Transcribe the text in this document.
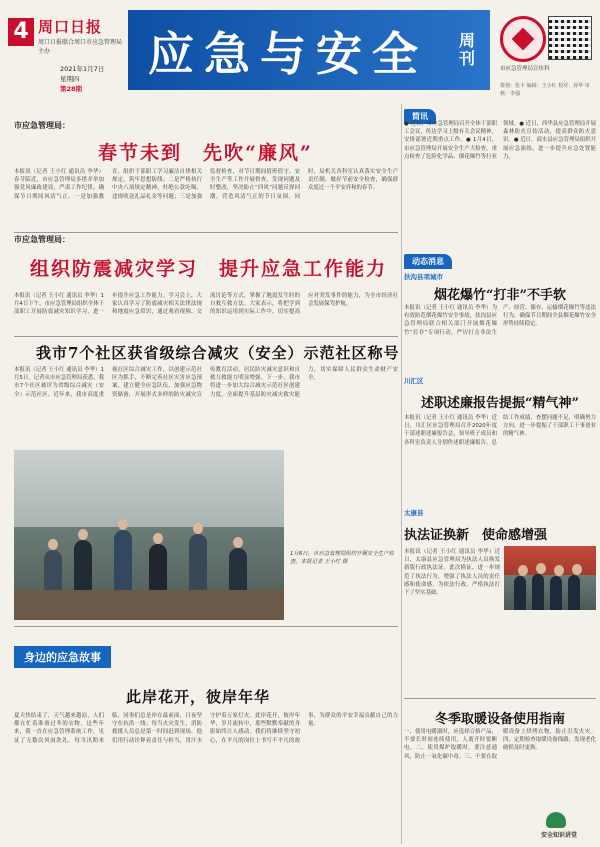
4 周口日报
周口日报联合周口市应急管理局
主办
2021年1月7日
星期四
第28期
应急与安全 周刊
市应急管理局宣传科
策划：张丰 编辑：王小红 校对：孙华 审核：李强
市应急管理局：
春节未到　先吹“廉风”
本报讯（记者 王小红 通讯员 李华）春节临近，市应急管理局多措并举加强党风廉政建设，严肃工作纪律，确保节日期间风清气正。一是加强教育，组织干部职工学习廉洁自律相关规定，筑牢思想防线；二是严格执行中央八项规定精神，杜绝公款吃喝、违规收送礼品礼金等问题；三是加强监督检查，对节日期间值班值守、安全生产等工作开展督查，发现问题及时整改，坚决防止“四风”问题反弹回潮，营造风清气正的节日氛围。同时，局机关各科室认真落实安全生产责任制，做好节前安全检查，确保群众度过一个平安祥和的春节。
市应急管理局：
组织防震减灾学习　提升应急工作能力
本报讯（记者 王小红 通讯员 李华）1月4日下午，市应急管理局组织全体干部职工开展防震减灾知识学习，进一步提升应急工作能力。学习会上，大家认真学习了防震减灾相关法律法规和地震应急常识，通过观看视频、交流讨论等方式，掌握了地震发生时的自救互救方法。大家表示，将把学到的知识运用到实际工作中，切实提高应对突发事件的能力，为全市经济社会发展保驾护航。
我市7个社区获省级综合减灾（安全）示范社区称号
本报讯（记者 王小红 通讯员 李华）1月5日，记者从市应急管理局获悉，我市7个社区被评为省级综合减灾（安全）示范社区。近年来，我市高度重视社区综合减灾工作，以创建示范社区为抓手，不断完善社区灾害应急预案，建立健全应急队伍，加强应急物资储备，开展形式多样的防灾减灾宣传教育活动，居民防灾减灾意识和自救互救能力明显增强。下一步，我市将进一步加大综合减灾示范社区创建力度，全面提升基层防灾减灾救灾能力，切实保障人民群众生命财产安全。
1月6日，市应急管理局组织开展安全生产检查。本报记者 王小红 摄
身边的应急故事
此岸花开，彼岸年华
夏天快结束了，天气越来越凉，人们都在忙着准备过冬的衣物。这些年来，我一直在应急管理系统工作，见证了无数次风雨洗礼。每当汛期来临，同事们总是冲在最前面，日夜坚守在抗洪一线；每当火灾发生，消防救援人员总是第一时间赶到现场。他们用行动诠释着责任与担当，用汗水守护着万家灯火。此岸花开，彼岸年华，岁月流转中，那些默默奉献的身影始终让人感动。我们将继续坚守初心，在平凡的岗位上书写不平凡的故事，为群众的平安幸福贡献自己的力量。
简讯
● 近日，市应急管理局召开全体干部职工会议，传达学习上级有关会议精神，安排部署近期重点工作。● 1月4日，市应急管理局开展安全生产大检查，重点检查了危险化学品、烟花爆竹等行业领域。● 近日，西华县应急管理局开展森林防火宣传活动，提高群众防火意识。● 近日，商水县应急管理局组织开展应急演练，进一步提升应急处置能力。
动态消息
扶沟县项城市
烟花爆竹“打非”不手软
本报讯（记者 王小红 通讯员 李华）为有效防范烟花爆竹安全事故，扶沟县应急管理局联合相关部门开展烟花爆竹“打非”专项行动，严厉打击非法生产、经营、储存、运输烟花爆竹等违法行为，确保节日期间全县烟花爆竹安全形势持续稳定。
川汇区
述职述廉报告提振“精气神”
本报讯（记者 王小红 通讯员 李华）近日，川汇区应急管理局召开2020年度干部述职述廉报告会，领导班子成员和各科室负责人分别作述职述廉报告，总结工作成绩，查摆问题不足，明确努力方向，进一步提振了干部职工干事创业的精气神。
太康县
执法证换新　使命感增强
本报讯（记者 王小红 通讯员 李华）近日，太康县应急管理局为执法人员换发新版行政执法证。此次换证，进一步规范了执法行为，增强了执法人员的责任感和使命感，为依法行政、严格执法打下了坚实基础。
冬季取暖设备使用指南
一、使用电暖器时，应选择合格产品，不要长时间连续使用，人离开时要断电。二、使用煤炉取暖时，要注意通风，防止一氧化碳中毒。三、不要在取暖设备上烘烤衣物，防止引发火灾。四、定期检查取暖设备线路，发现老化破损及时更换。
安全知识讲堂
